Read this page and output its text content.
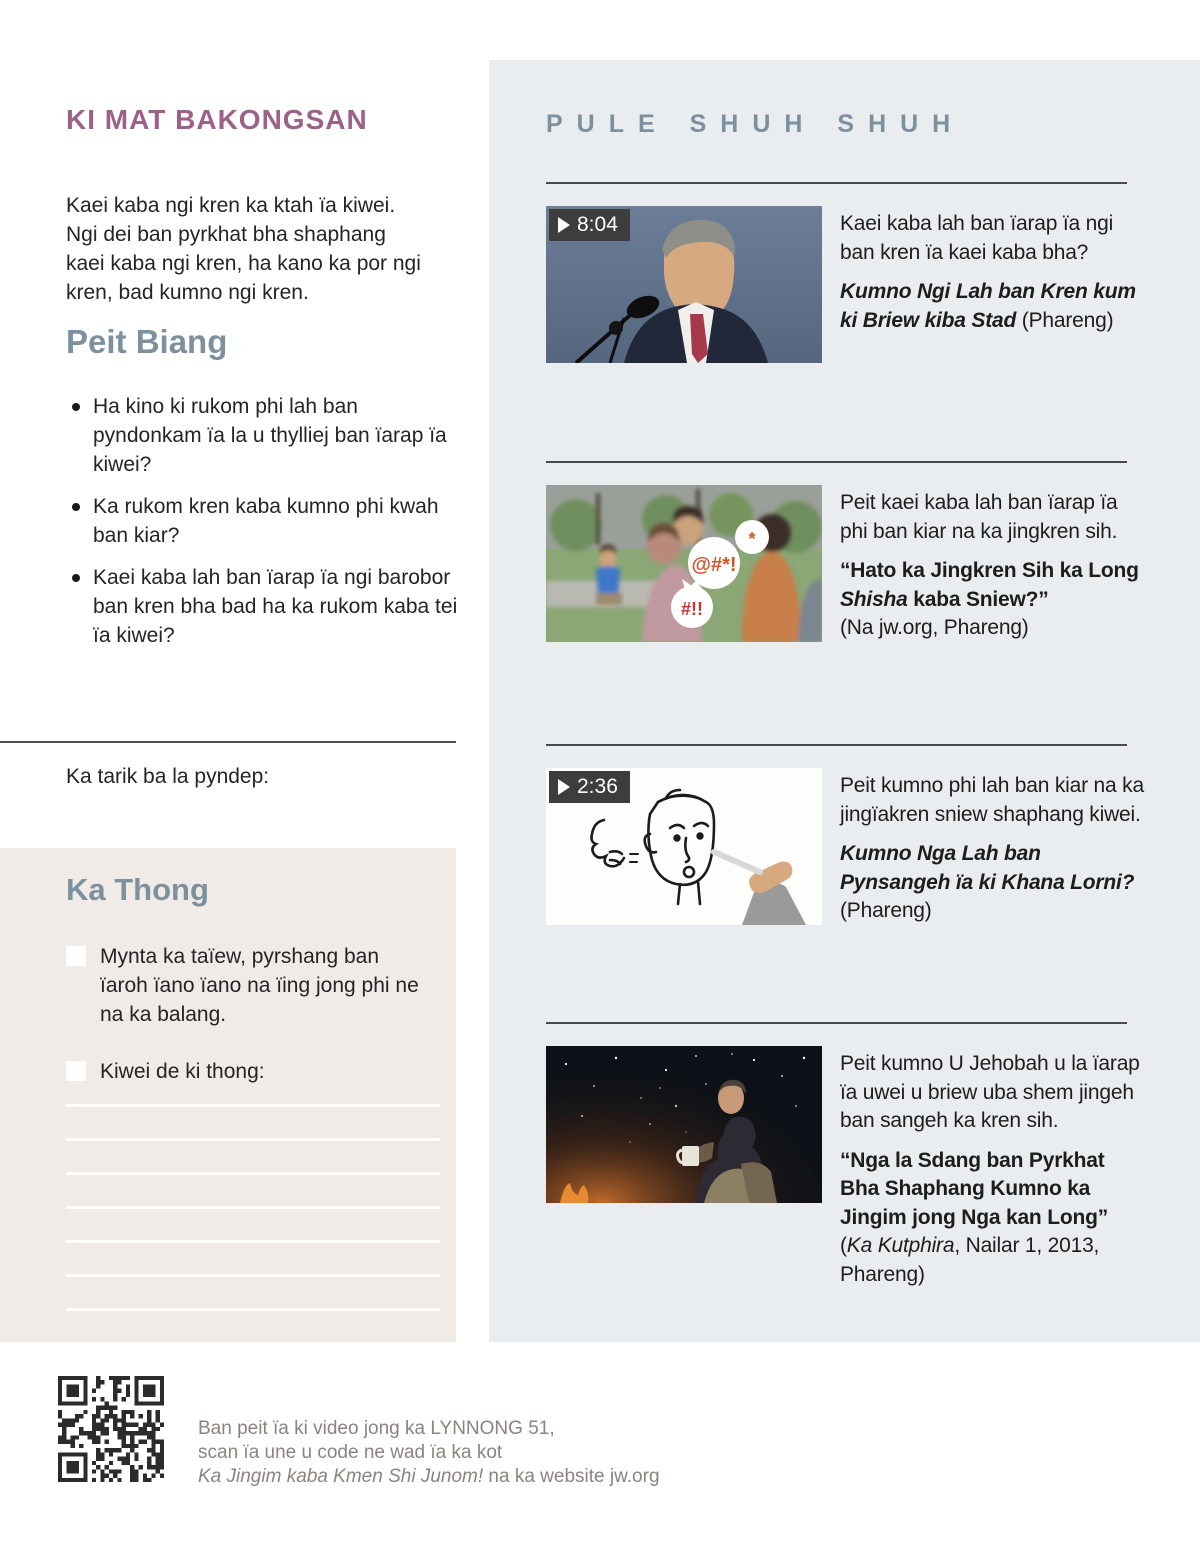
KI MAT BAKONGSAN

Kaei kaba ngi kren ka ktah ïa kiwei. Ngi dei ban pyrkhat bha shaphang kaei kaba ngi kren, ha kano ka por ngi kren, bad kumno ngi kren.

Peit Biang
Ha kino ki rukom phi lah ban pyndonkam ïa la u thylliej ban ïarap ïa kiwei?
Ka rukom kren kaba kumno phi kwah ban kiar?
Kaei kaba lah ban ïarap ïa ngi barobor ban kren bha bad ha ka rukom kaba tei ïa kiwei?
Ka tarik ba la pyndep:
Ka Thong
Mynta ka taïew, pyrshang ban ïaroh ïano ïano na ïing jong phi ne na ka balang.
Kiwei de ki thong:
PULE SHUH SHUH
8:04	Kaei kaba lah ban ïarap ïa ngi ban kren ïa kaei kaba bha?

Kumno Ngi Lah ban Kren kum ki Briew kiba Stad (Phareng)

@#*!
#!!
*

Peit kaei kaba lah ban ïarap ïa phi ban kiar na ka jingkren sih.

“Hato ka Jingkren Sih ka Long Shisha kaba Sniew?”

(Na jw.org, Phareng)

2:36	Peit kumno phi lah ban kiar na ka jingïakren sniew shaphang kiwei.

Kumno Nga Lah ban Pynsangeh ïa ki Khana Lorni?

(Phareng)

Peit kumno U Jehobah u la ïarap ïa uwei u briew uba shem jingeh ban sangeh ka kren sih.

“Nga la Sdang ban Pyrkhat Bha Shaphang Kumno ka Jingim jong Nga kan Long”

(Ka Kutphira, Nailar 1, 2013, Phareng)

Ban peit ïa ki video jong ka LYNNONG 51,
scan ïa une u code ne wad ïa ka kot
Ka Jingim kaba Kmen Shi Junom! na ka website jw.org
